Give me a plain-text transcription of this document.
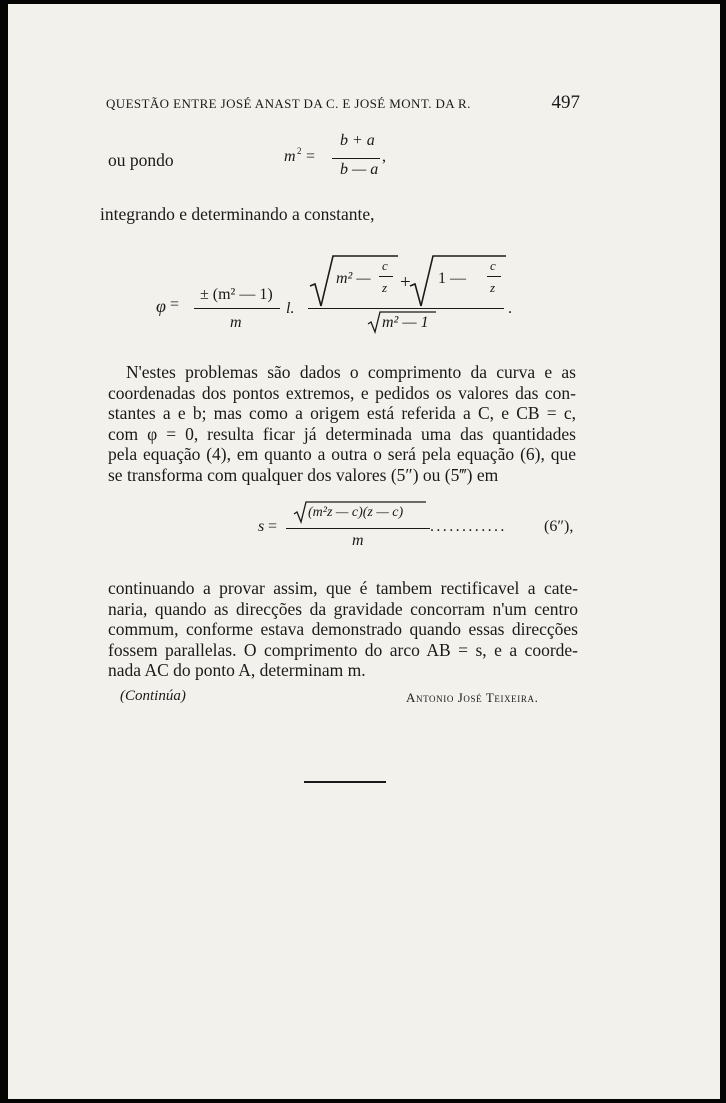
QUESTÃO ENTRE JOSÉ ANAST DA C. E JOSÉ MONT. DA R.	497
ou pondo	m 2 =
b + a
b — a
,
integrando e determinando a constante,
φ =
± (m² — 1)
m
l.
m² —
c
z + 1 —
c
z
m² — 1
.
N'estes problemas são dados o comprimento da curva e as
coordenadas dos pontos extremos, e pedidos os valores das con-
stantes a e b; mas como a origem está referida a C, e CB = c,
com φ = 0, resulta ficar já determinada uma das quantidades
pela equação (4), em quanto a outra o será pela equação (6), que
se transforma com qualquer dos valores (5″) ou (5‴) em
s =
(m²z — c)(z — c)
m
............ (6″),
continuando a provar assim, que é tambem rectificavel a cate-
naria, quando as direcções da gravidade concorram n'um centro
commum, conforme estava demonstrado quando essas direcções
fossem parallelas. O comprimento do arco AB = s, e a coorde-
nada AC do ponto A, determinam m.
(Continúa)	Antonio José Teixeira.
